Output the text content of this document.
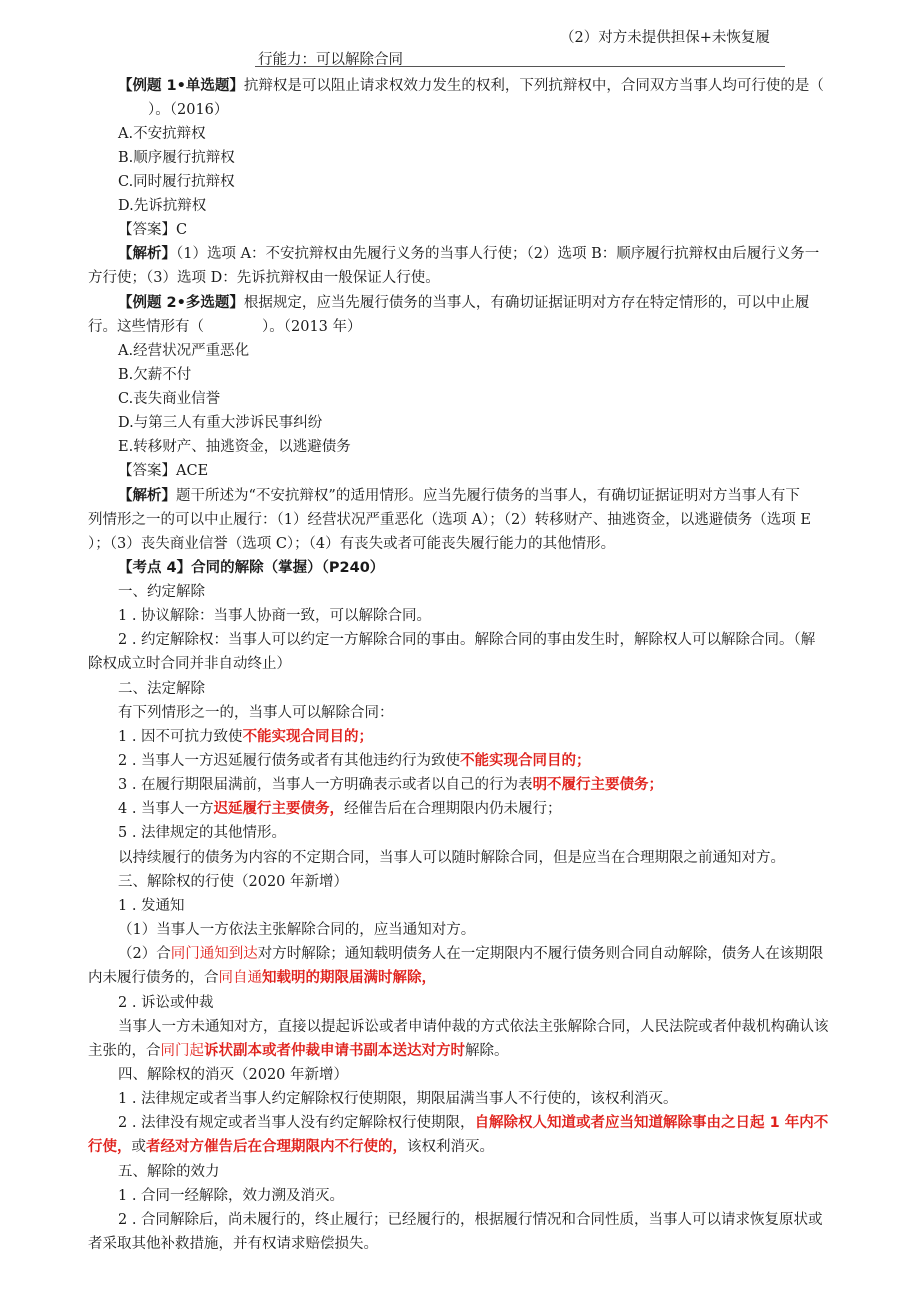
（2）对方未提供担保+未恢复履
行能力：可以解除合同
【例题 1•单选题】抗辩权是可以阻止请求权效力发生的权利，下列抗辩权中，合同双方当事人均可行使的是（
）。（2016）
A.不安抗辩权
B.顺序履行抗辩权
C.同时履行抗辩权
D.先诉抗辩权
【答案】C
【解析】（1）选项 A：不安抗辩权由先履行义务的当事人行使；（2）选项 B：顺序履行抗辩权由后履行义务一
方行使；（3）选项 D：先诉抗辩权由一般保证人行使。
【例题 2•多选题】根据规定，应当先履行债务的当事人，有确切证据证明对方存在特定情形的，可以中止履
行。这些情形有（　　　　）。（2013 年）
A.经营状况严重恶化
B.欠薪不付
C.丧失商业信誉
D.与第三人有重大涉诉民事纠纷
E.转移财产、抽逃资金，以逃避债务
【答案】ACE
【解析】题干所述为“不安抗辩权”的适用情形。应当先履行债务的当事人，有确切证据证明对方当事人有下
列情形之一的可以中止履行：（1）经营状况严重恶化（选项 A）；（2）转移财产、抽逃资金，以逃避债务（选项 E
）；（3）丧失商业信誉（选项 C）；（4）有丧失或者可能丧失履行能力的其他情形。
【考点 4】合同的解除（掌握）（P240）
一、约定解除
1 . 协议解除：当事人协商一致，可以解除合同。
2 . 约定解除权：当事人可以约定一方解除合同的事由。解除合同的事由发生时，解除权人可以解除合同。（解
除权成立时合同并非自动终止）
二、法定解除
有下列情形之一的，当事人可以解除合同：
1 . 因不可抗力致使不能实现合同目的；
2 . 当事人一方迟延履行债务或者有其他违约行为致使不能实现合同目的；
3 . 在履行期限届满前，当事人一方明确表示或者以自己的行为表明不履行主要债务；
4 . 当事人一方迟延履行主要债务，经催告后在合理期限内仍未履行；
5 . 法律规定的其他情形。
以持续履行的债务为内容的不定期合同，当事人可以随时解除合同，但是应当在合理期限之前通知对方。
三、解除权的行使（2020 年新增）
1 . 发通知
（1）当事人一方依法主张解除合同的，应当通知对方。
（2）合同门通知到达对方时解除；通知载明债务人在一定期限内不履行债务则合同自动解除，债务人在该期限
内未履行债务的，合同自通知载明的期限届满时解除，
2 . 诉讼或仲裁
当事人一方未通知对方，直接以提起诉讼或者申请仲裁的方式依法主张解除合同，人民法院或者仲裁机构确认该
主张的，合同门起诉状副本或者仲裁申请书副本送达对方时解除。
四、解除权的消灭（2020 年新增）
1 . 法律规定或者当事人约定解除权行使期限，期限届满当事人不行使的，该权利消灭。
2 . 法律没有规定或者当事人没有约定解除权行使期限，自解除权人知道或者应当知道解除事由之日起 1 年内不
行使，或者经对方催告后在合理期限内不行使的，该权利消灭。
五、解除的效力
1 . 合同一经解除，效力溯及消灭。
2 . 合同解除后，尚未履行的，终止履行；已经履行的，根据履行情况和合同性质，当事人可以请求恢复原状或
者采取其他补救措施，并有权请求赔偿损失。
